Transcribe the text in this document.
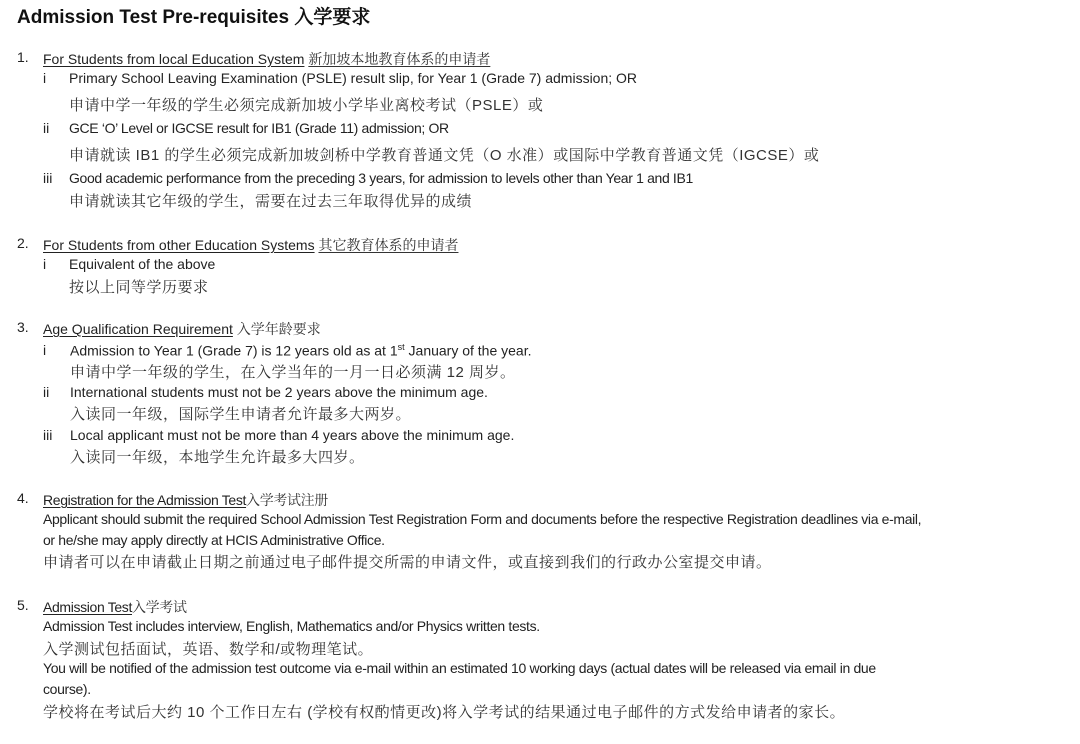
Admission Test Pre-requisites 入学要求
1. For Students from local Education System 新加坡本地教育体系的申请者
i Primary School Leaving Examination (PSLE) result slip, for Year 1 (Grade 7) admission; OR
申请中学一年级的学生必须完成新加坡小学毕业离校考试（PSLE）或
ii GCE ‘O’ Level or IGCSE result for IB1 (Grade 11) admission; OR
申请就读 IB1 的学生必须完成新加坡剑桥中学教育普通文凭（O 水准）或国际中学教育普通文凭（IGCSE）或
iii Good academic performance from the preceding 3 years, for admission to levels other than Year 1 and IB1
申请就读其它年级的学生，需要在过去三年取得优异的成绩
2. For Students from other Education Systems 其它教育体系的申请者
i Equivalent of the above
按以上同等学历要求
3. Age Qualification Requirement 入学年龄要求
i Admission to Year 1 (Grade 7) is 12 years old as at 1st January of the year.
申请中学一年级的学生，在入学当年的一月一日必须满 12 周岁。
ii International students must not be 2 years above the minimum age.
入读同一年级，国际学生申请者允许最多大两岁。
iii Local applicant must not be more than 4 years above the minimum age.
入读同一年级，本地学生允许最多大四岁。
4. Registration for the Admission Test入学考试注册
Applicant should submit the required School Admission Test Registration Form and documents before the respective Registration deadlines via e-mail,
or he/she may apply directly at HCIS Administrative Office.
申请者可以在申请截止日期之前通过电子邮件提交所需的申请文件，或直接到我们的行政办公室提交申请。
5. Admission Test入学考试
Admission Test includes interview, English, Mathematics and/or Physics written tests.
入学测试包括面试，英语、数学和/或物理笔试。
You will be notified of the admission test outcome via e-mail within an estimated 10 working days (actual dates will be released via email in due
course).
学校将在考试后大约 10 个工作日左右 (学校有权酌情更改)将入学考试的结果通过电子邮件的方式发给申请者的家长。
